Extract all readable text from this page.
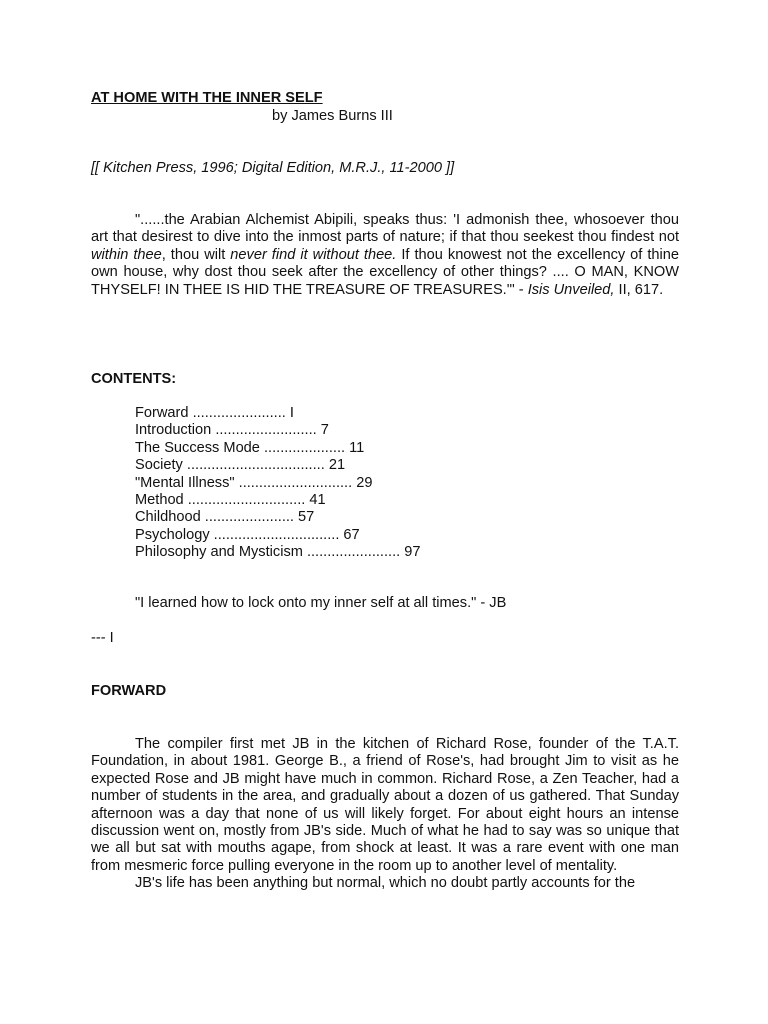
AT HOME WITH THE INNER SELF

by James Burns III

[[ Kitchen Press, 1996; Digital Edition, M.R.J., 11-2000 ]]

"......the Arabian Alchemist Abipili, speaks thus: 'I admonish thee, whosoever thou art that desirest to dive into the inmost parts of nature; if that thou seekest thou findest not within thee, thou wilt never find it without thee. If thou knowest not the excellency of thine own house, why dost thou seek after the excellency of other things? .... O MAN, KNOW THYSELF! IN THEE IS HID THE TREASURE OF TREASURES.'" - Isis Unveiled, II, 617.

CONTENTS:

Forward ....................... I
Introduction ......................... 7
The Success Mode .................... 11
Society .................................. 21
"Mental Illness" ............................ 29
Method ............................. 41
Childhood ...................... 57
Psychology ............................... 67
Philosophy and Mysticism ....................... 97

"I learned how to lock onto my inner self at all times." - JB

--- I

FORWARD

The compiler first met JB in the kitchen of Richard Rose, founder of the T.A.T. Foundation, in about 1981. George B., a friend of Rose's, had brought Jim to visit as he expected Rose and JB might have much in common. Richard Rose, a Zen Teacher, had a number of students in the area, and gradually about a dozen of us gathered. That Sunday afternoon was a day that none of us will likely forget. For about eight hours an intense discussion went on, mostly from JB's side. Much of what he had to say was so unique that we all but sat with mouths agape, from shock at least. It was a rare event with one man from mesmeric force pulling everyone in the room up to another level of mentality.

JB's life has been anything but normal, which no doubt partly accounts for the
